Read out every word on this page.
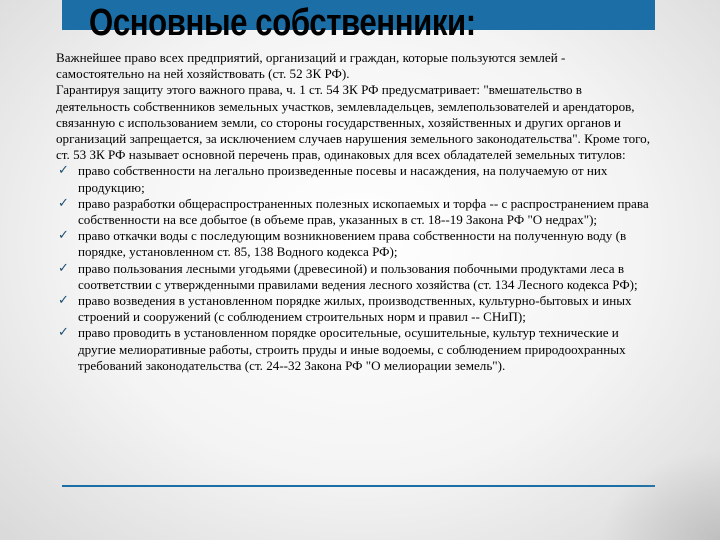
Основные собственники:

Важнейшее право всех предприятий, организаций и граждан, которые пользуются землей - самостоятельно на ней хозяйствовать (ст. 52 ЗК РФ).

Гарантируя защиту этого важного права, ч. 1 ст. 54 ЗК РФ предусматривает: "вмешательство в деятельность собственников земельных участков, землевладельцев, землепользователей и арендаторов, связанную с использованием земли, со стороны государственных, хозяйственных и других органов и организаций запрещается, за исключением случаев нарушения земельного законодательства". Кроме того, ст. 53 ЗК РФ называет основной перечень прав, одинаковых для всех обладателей земельных титулов:

✓ право собственности на легально произведенные посевы и насаждения, на получаемую от них продукцию;
✓ право разработки общераспространенных полезных ископаемых и торфа -- с распространением права собственности на все добытое (в объеме прав, указанных в ст. 18--19 Закона РФ "О недрах");
✓ право откачки воды с последующим возникновением права собственности на полученную воду (в порядке, установленном ст. 85, 138 Водного кодекса РФ);
✓ право пользования лесными угодьями (древесиной) и пользования побочными продуктами леса в соответствии с утвержденными правилами ведения лесного хозяйства (ст. 134 Лесного кодекса РФ);
✓ право возведения в установленном порядке жилых, производственных, культурно-бытовых и иных строений и сооружений (с соблюдением строительных норм и правил -- СНиП);
✓ право проводить в установленном порядке оросительные, осушительные, культур технические и другие мелиоративные работы, строить пруды и иные водоемы, с соблюдением природоохранных требований законодательства (ст. 24--32 Закона РФ "О мелиорации земель").
